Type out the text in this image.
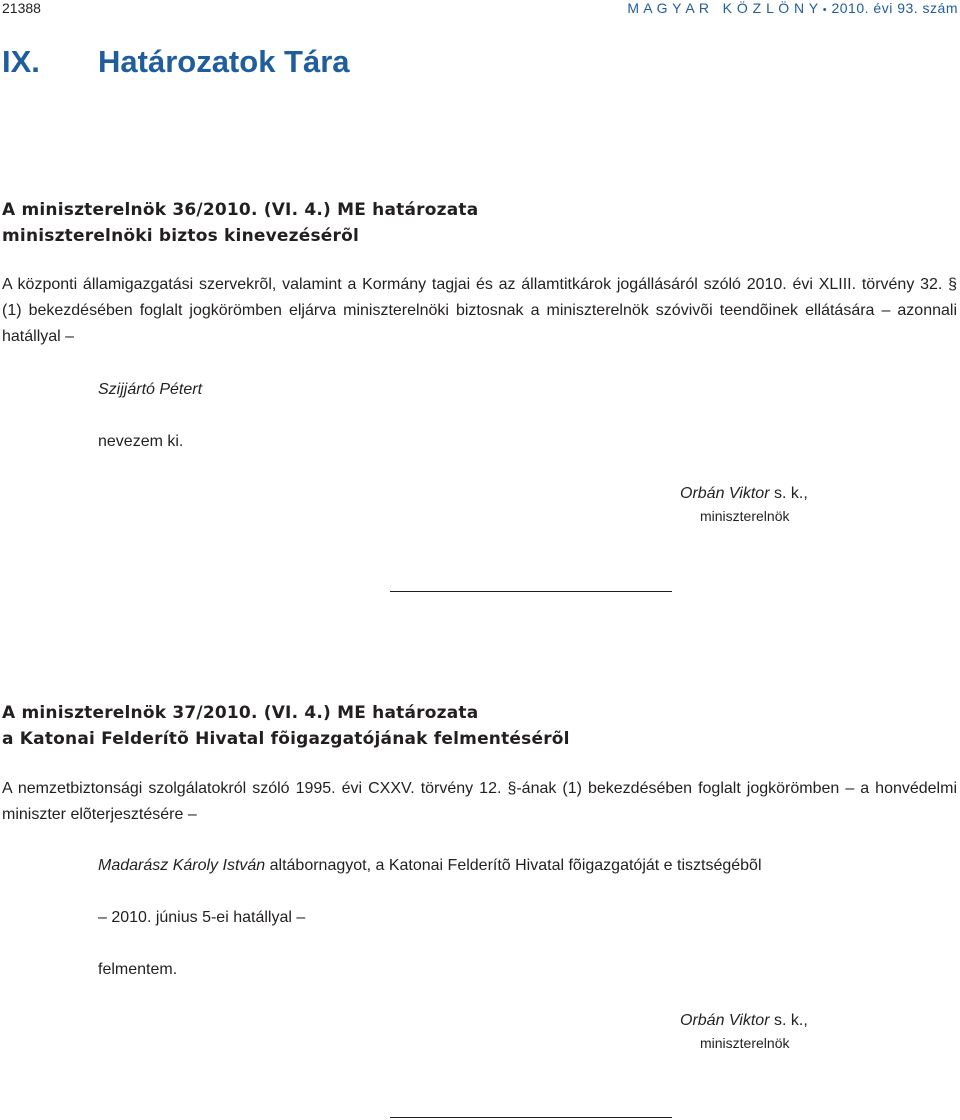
21388	M A G Y A R   K Ö Z L Ö N Y • 2010. évi 93. szám
IX. Határozatok Tára
A miniszterelnök 36/2010. (VI. 4.) ME határozata
miniszterelnöki biztos kinevezésérõl
A központi államigazgatási szervekrõl, valamint a Kormány tagjai és az államtitkárok jogállásáról szóló 2010. évi XLIII. törvény 32. § (1) bekezdésében foglalt jogkörömben eljárva miniszterelnöki biztosnak a miniszterelnök szóvivõi teendõinek ellátására – azonnali hatállyal –
Szijjártó Pétert
nevezem ki.
Orbán Viktor s. k.,
miniszterelnök
A miniszterelnök 37/2010. (VI. 4.) ME határozata
a Katonai Felderítõ Hivatal fõigazgatójának felmentésérõl
A nemzetbiztonsági szolgálatokról szóló 1995. évi CXXV. törvény 12. §-ának (1) bekezdésében foglalt jogkörömben – a honvédelmi miniszter elõterjesztésére –
Madarász Károly István altábornagyot, a Katonai Felderítõ Hivatal fõigazgatóját e tisztségébõl
– 2010. június 5-ei hatállyal –
felmentem.
Orbán Viktor s. k.,
miniszterelnök
